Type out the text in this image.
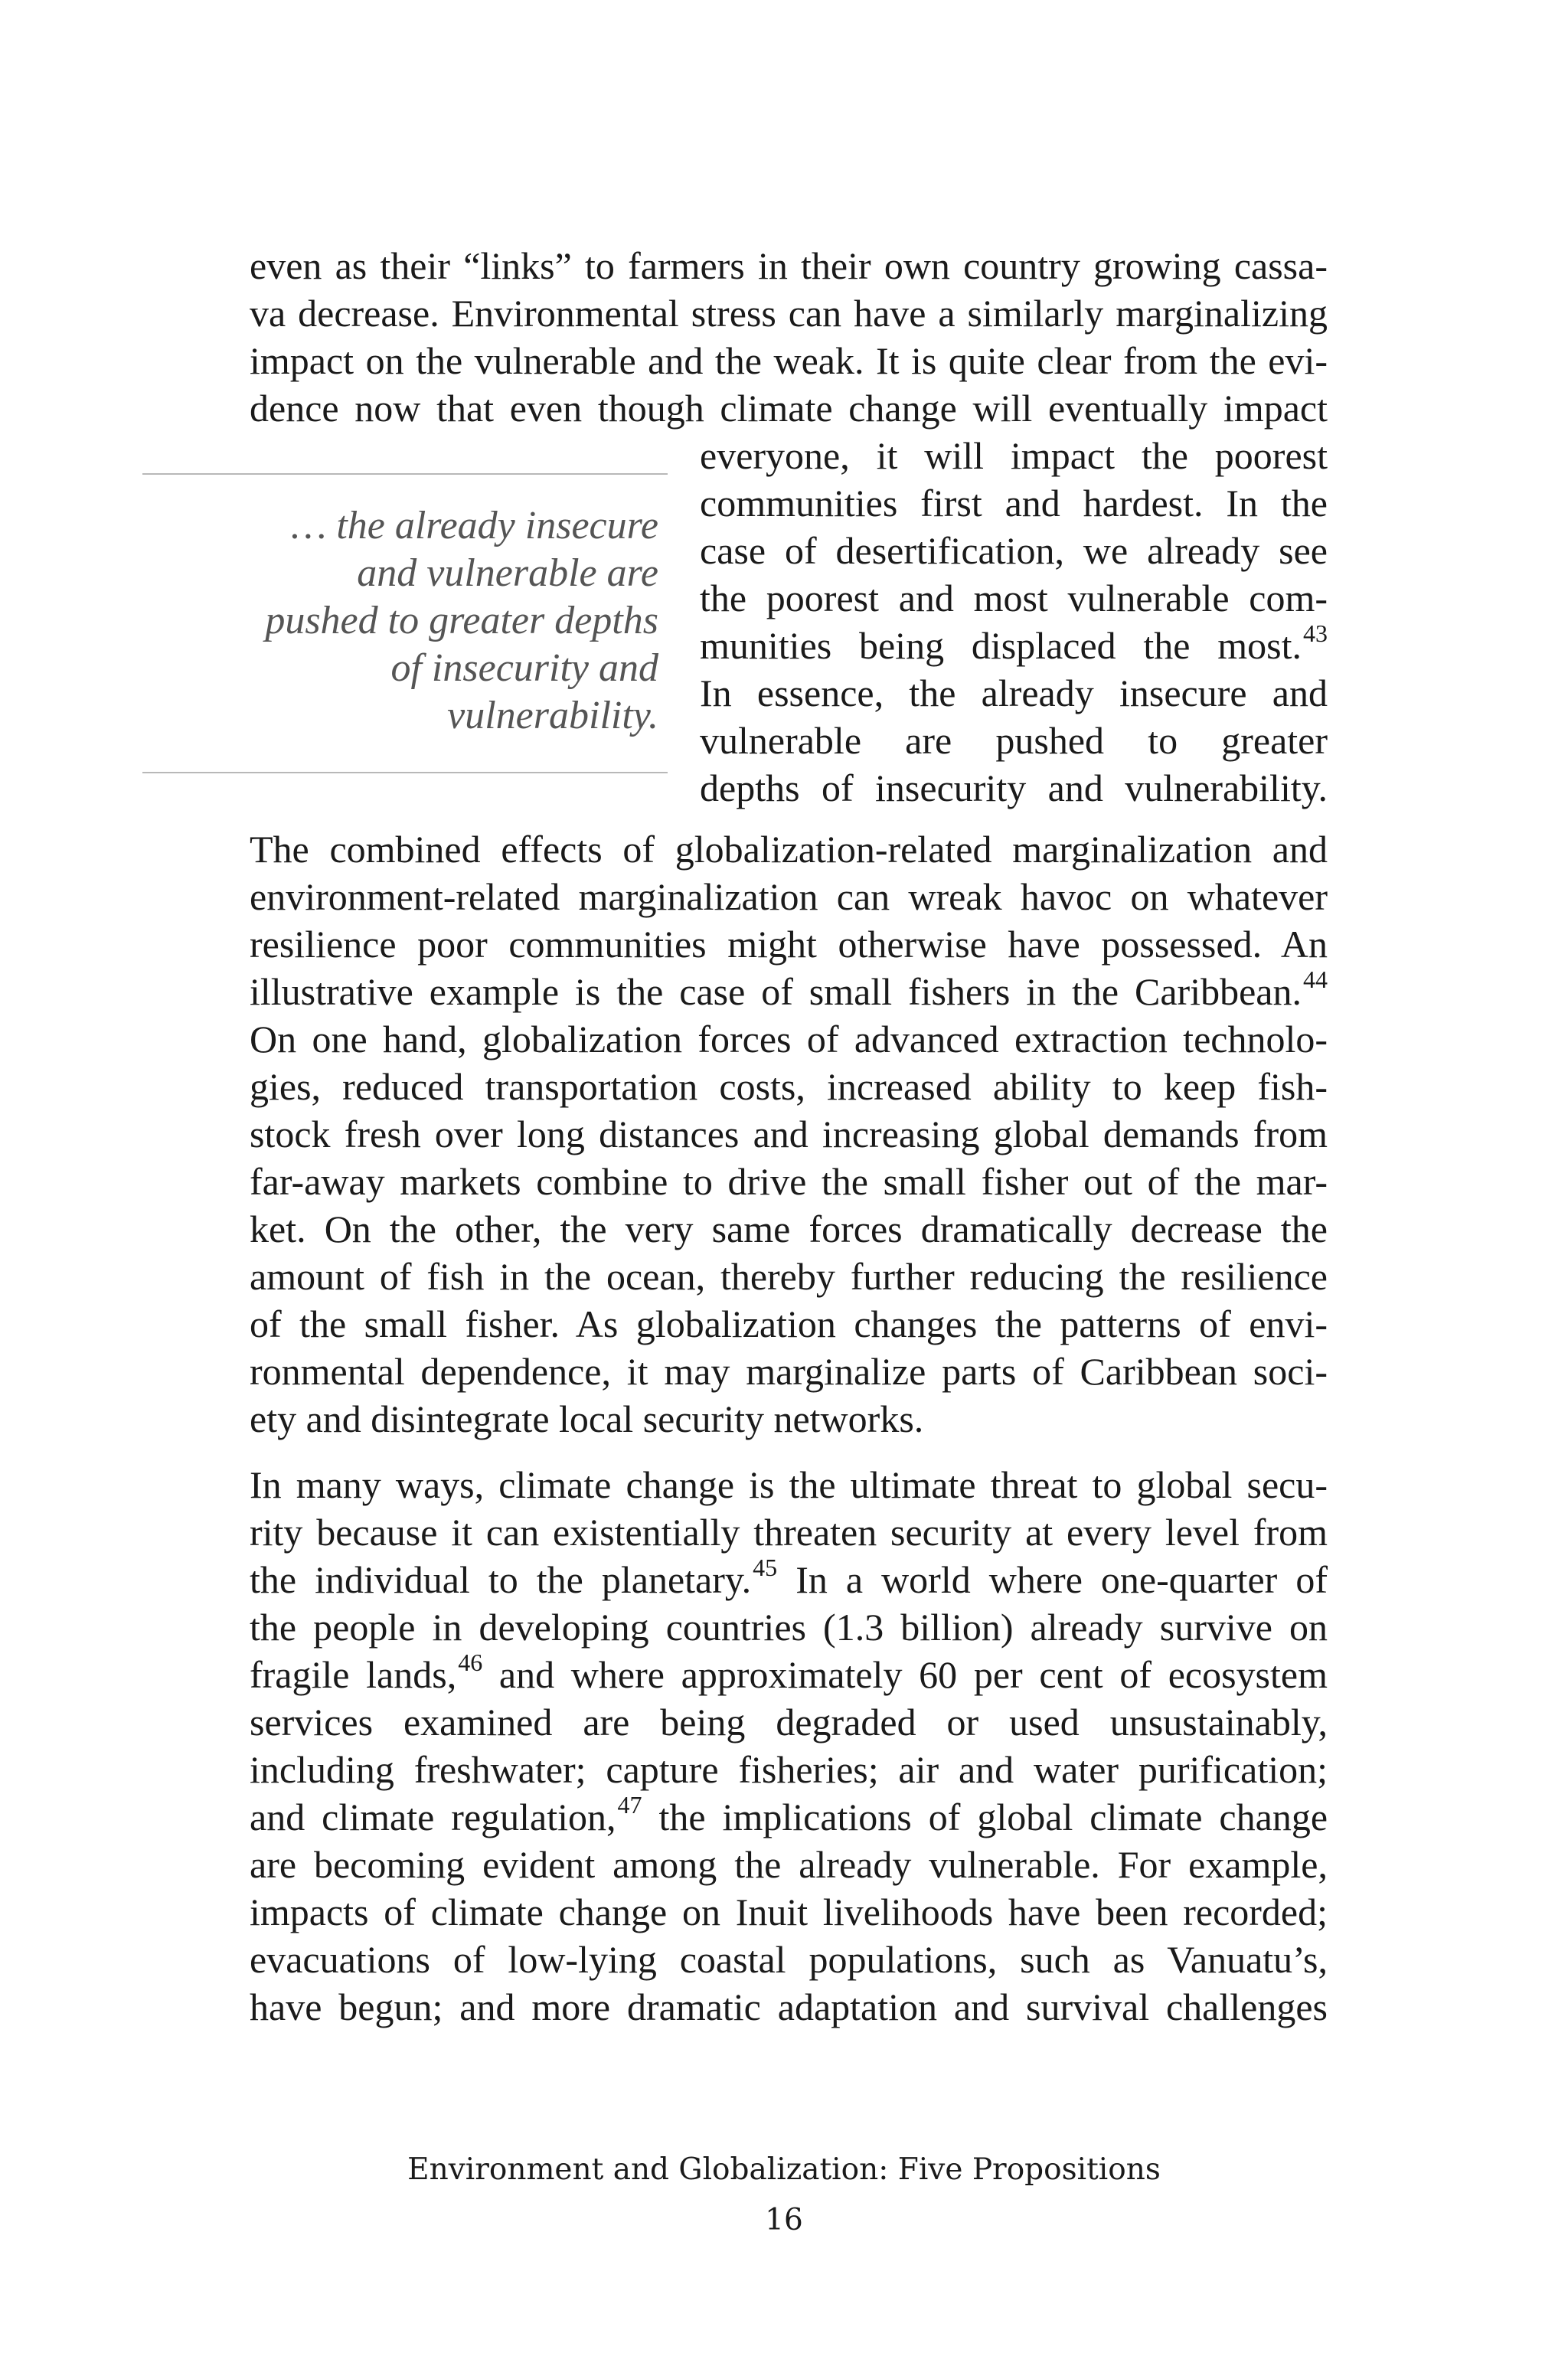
even as their “links” to farmers in their own country growing cassa-
va decrease. Environmental stress can have a similarly marginalizing
impact on the vulnerable and the weak. It is quite clear from the evi-
dence now that even though climate change will eventually impact
everyone, it will impact the poorest
communities first and hardest. In the
case of desertification, we already see
the poorest and most vulnerable com-
munities being displaced the most.$^{43}$
In essence, the already insecure and
vulnerable are pushed to greater
depths of insecurity and vulnerability.
… the already insecure
and vulnerable are
pushed to greater depths
of insecurity and
vulnerability.
The combined effects of globalization-related marginalization and
environment-related marginalization can wreak havoc on whatever
resilience poor communities might otherwise have possessed. An
illustrative example is the case of small fishers in the Caribbean.$^{44}$
On one hand, globalization forces of advanced extraction technolo-
gies, reduced transportation costs, increased ability to keep fish-
stock fresh over long distances and increasing global demands from
far-away markets combine to drive the small fisher out of the mar-
ket. On the other, the very same forces dramatically decrease the
amount of fish in the ocean, thereby further reducing the resilience
of the small fisher. As globalization changes the patterns of envi-
ronmental dependence, it may marginalize parts of Caribbean soci-
ety and disintegrate local security networks.
In many ways, climate change is the ultimate threat to global secu-
rity because it can existentially threaten security at every level from
the individual to the planetary.$^{45}$ In a world where one-quarter of
the people in developing countries (1.3 billion) already survive on
fragile lands,$^{46}$ and where approximately 60 per cent of ecosystem
services examined are being degraded or used unsustainably,
including freshwater; capture fisheries; air and water purification;
and climate regulation,$^{47}$ the implications of global climate change
are becoming evident among the already vulnerable. For example,
impacts of climate change on Inuit livelihoods have been recorded;
evacuations of low-lying coastal populations, such as Vanuatu’s,
have begun; and more dramatic adaptation and survival challenges
Environment and Globalization: Five Propositions
16
